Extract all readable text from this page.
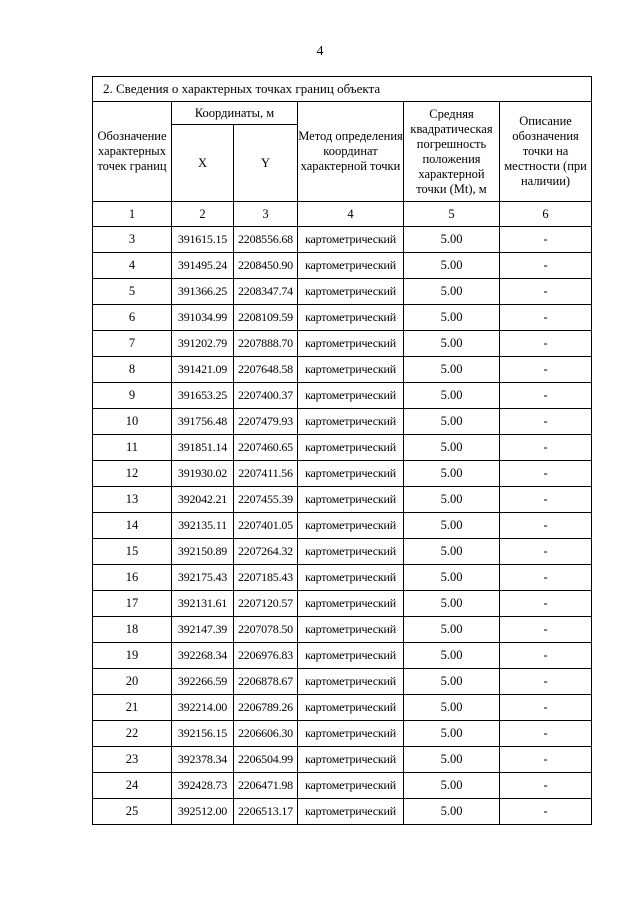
4
2. Сведения о характерных точках границ объекта					
Обозначение характерных точек границ	Координаты, м		Метод определения координат характерной точки	Средняя квадратическая погрешность положения характерной точки (Mt), м	Описание обозначения точки на местности (при наличии)
	X	Y			
1	2	3	4	5	6
3	391615.15	2208556.68	картометрический	5.00	-
4	391495.24	2208450.90	картометрический	5.00	-
5	391366.25	2208347.74	картометрический	5.00	-
6	391034.99	2208109.59	картометрический	5.00	-
7	391202.79	2207888.70	картометрический	5.00	-
8	391421.09	2207648.58	картометрический	5.00	-
9	391653.25	2207400.37	картометрический	5.00	-
10	391756.48	2207479.93	картометрический	5.00	-
11	391851.14	2207460.65	картометрический	5.00	-
12	391930.02	2207411.56	картометрический	5.00	-
13	392042.21	2207455.39	картометрический	5.00	-
14	392135.11	2207401.05	картометрический	5.00	-
15	392150.89	2207264.32	картометрический	5.00	-
16	392175.43	2207185.43	картометрический	5.00	-
17	392131.61	2207120.57	картометрический	5.00	-
18	392147.39	2207078.50	картометрический	5.00	-
19	392268.34	2206976.83	картометрический	5.00	-
20	392266.59	2206878.67	картометрический	5.00	-
21	392214.00	2206789.26	картометрический	5.00	-
22	392156.15	2206606.30	картометрический	5.00	-
23	392378.34	2206504.99	картометрический	5.00	-
24	392428.73	2206471.98	картометрический	5.00	-
25	392512.00	2206513.17	картометрический	5.00	-
